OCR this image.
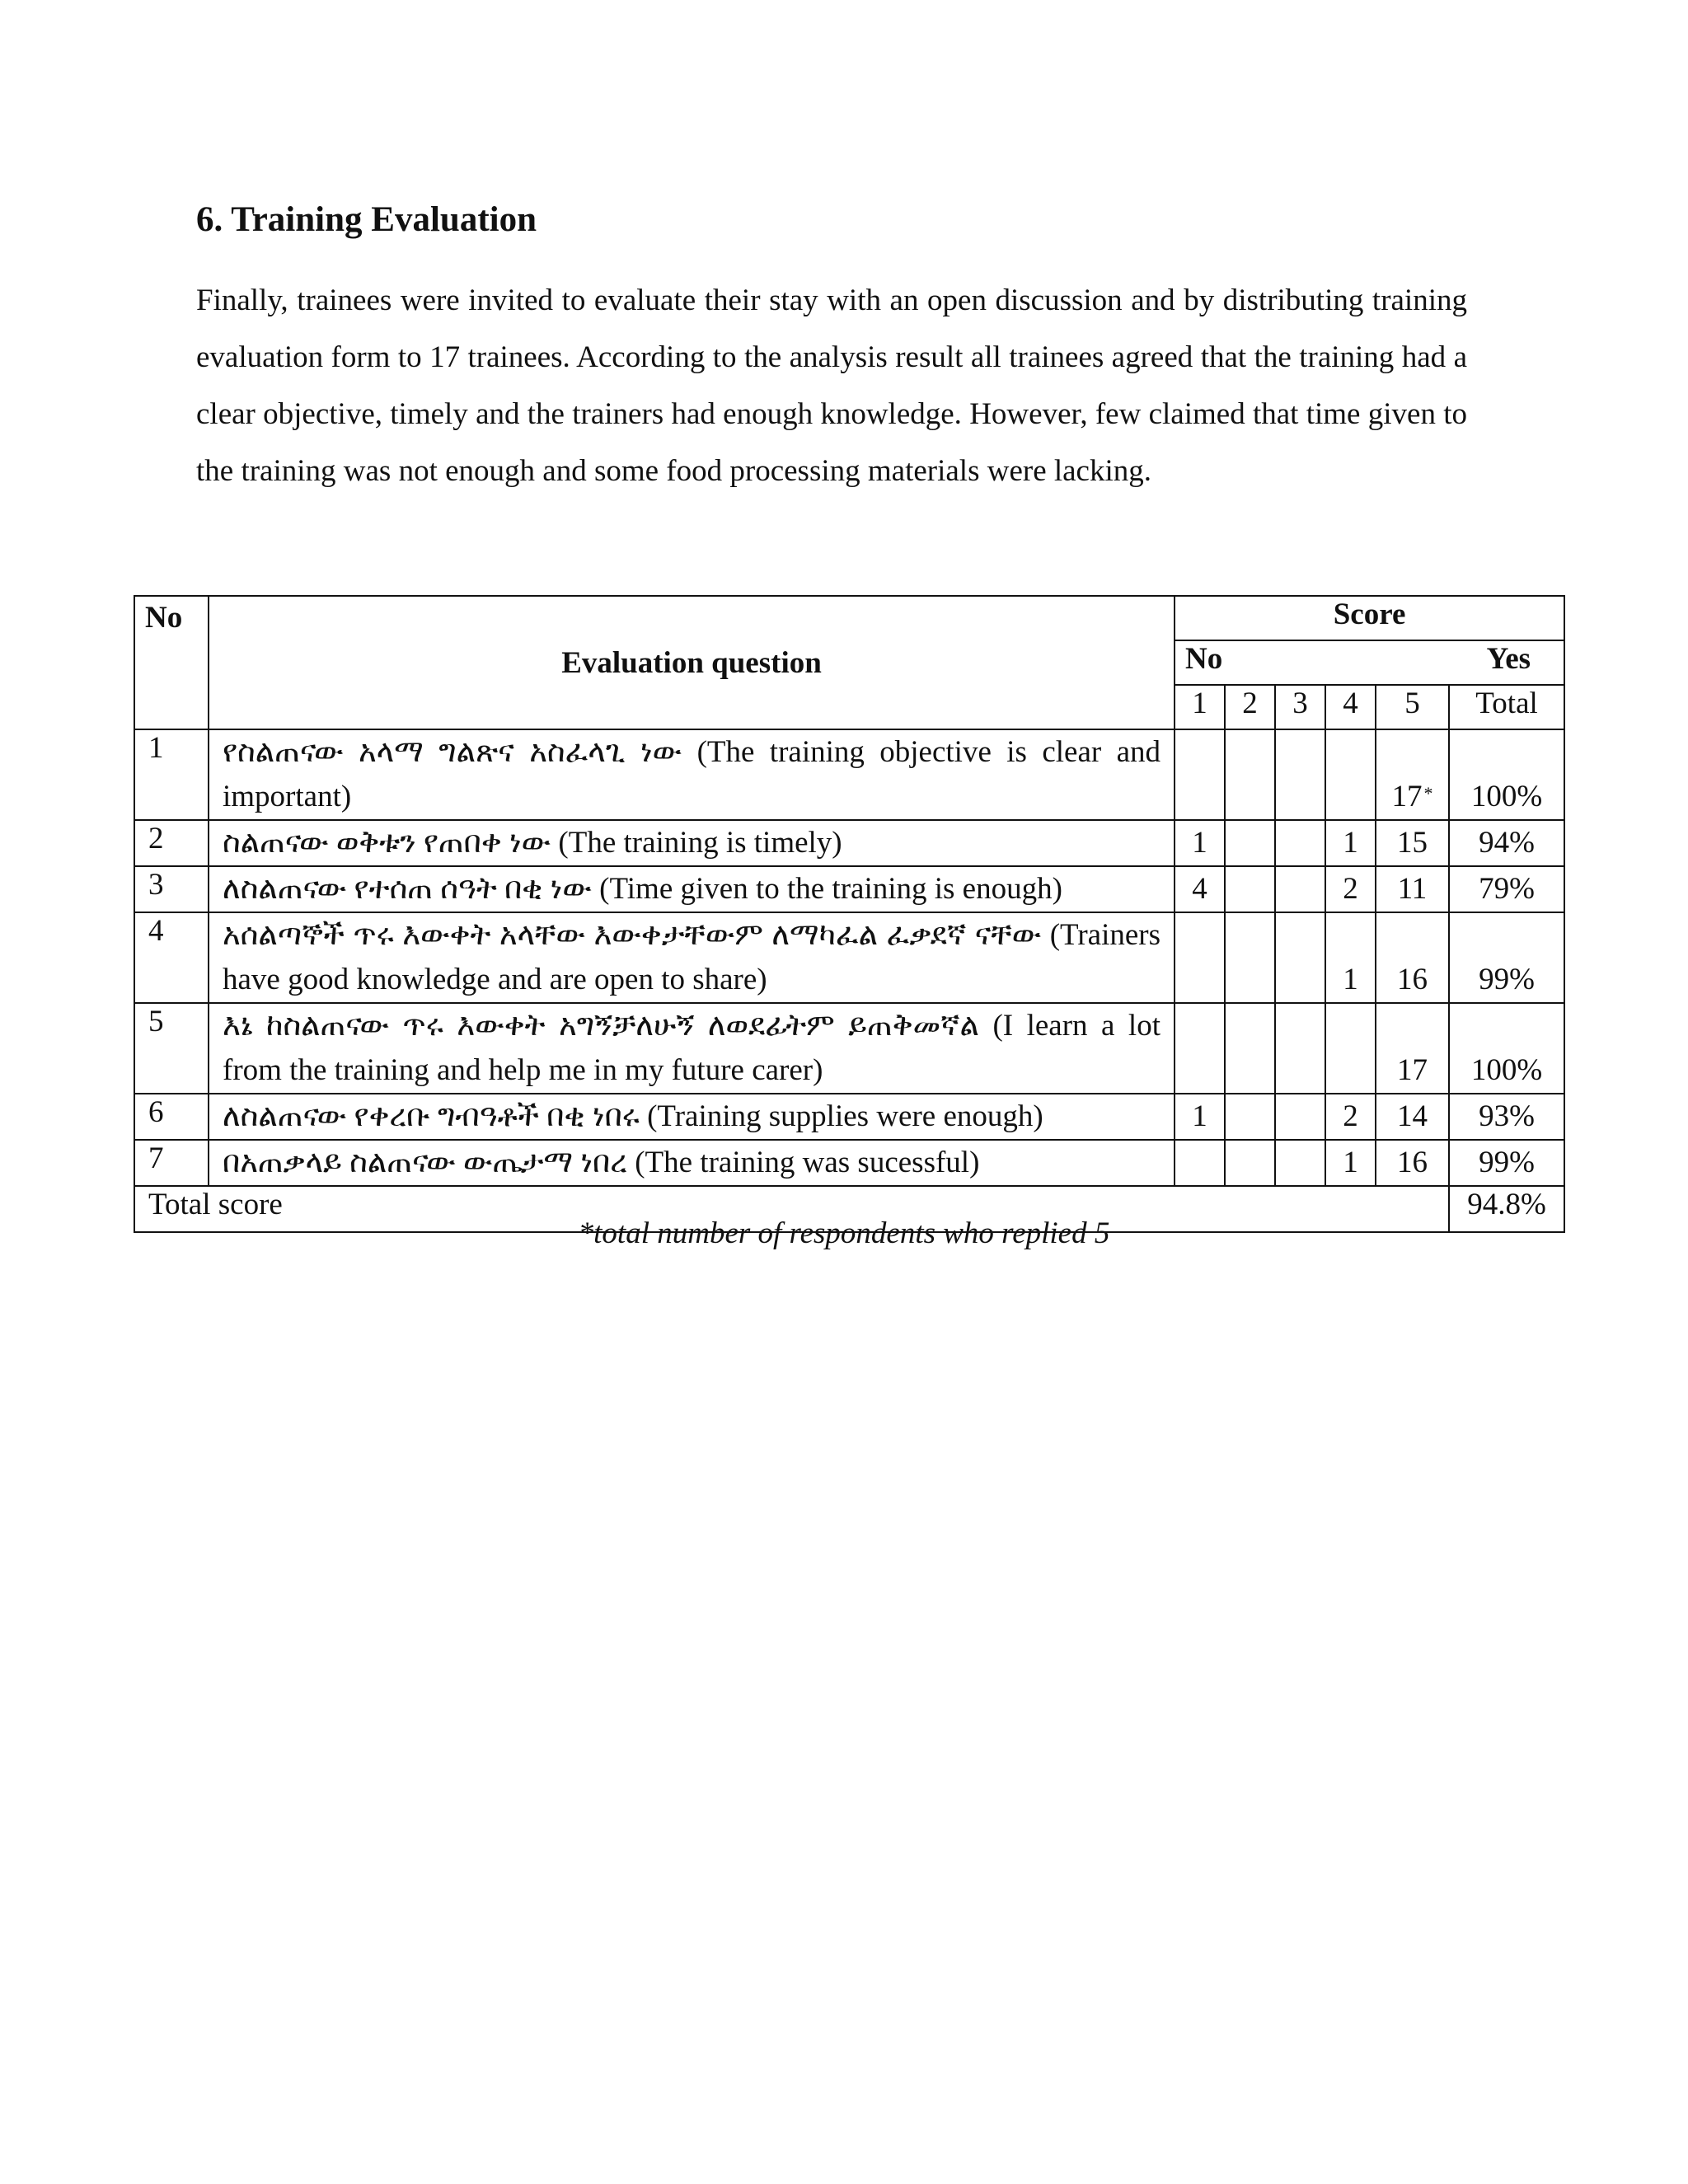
6. Training Evaluation

Finally, trainees were invited to evaluate their stay with an open discussion and by distributing training evaluation form to 17 trainees. According to the analysis result all trainees agreed that the training had a clear objective, timely and the trainers had enough knowledge. However, few claimed that time given to the training was not enough and some food processing materials were lacking.

No	Evaluation question	Score					

		No Yes					

		1	2	3	4	5	Total
1	የስልጠናው አላማ ግልጽና አስፈላጊ ነው (The training objective is clear and important)					17*	100%
2	ስልጠናው ወቅቱን የጠበቀ ነው (The training is timely)	1			1	15	94%
3	ለስልጠናው የተሰጠ ሰዓት በቂ ነው (Time given to the training is enough)	4			2	11	79%
4	አሰልጣኞች ጥሩ እውቀት አላቸው እውቀታቸውም ለማካፈል ፈቃደኛ ናቸው (Trainers have good knowledge and are open to share)				1	16	99%
5	እኔ ከስልጠናው ጥሩ እውቀት አግኝቻለሁኝ ለወደፊትም ይጠቅመኛል (I learn a lot from the training and help me in my future carer)					17	100%
6	ለስልጠናው የቀረቡ ግብዓቶች በቂ ነበሩ (Training supplies were enough)	1			2	14	93%
7	በአጠቃላይ ስልጠናው ውጤታማ ነበረ (The training was sucessful)				1	16	99%
Total score							94.8%

*total number of respondents who replied 5
